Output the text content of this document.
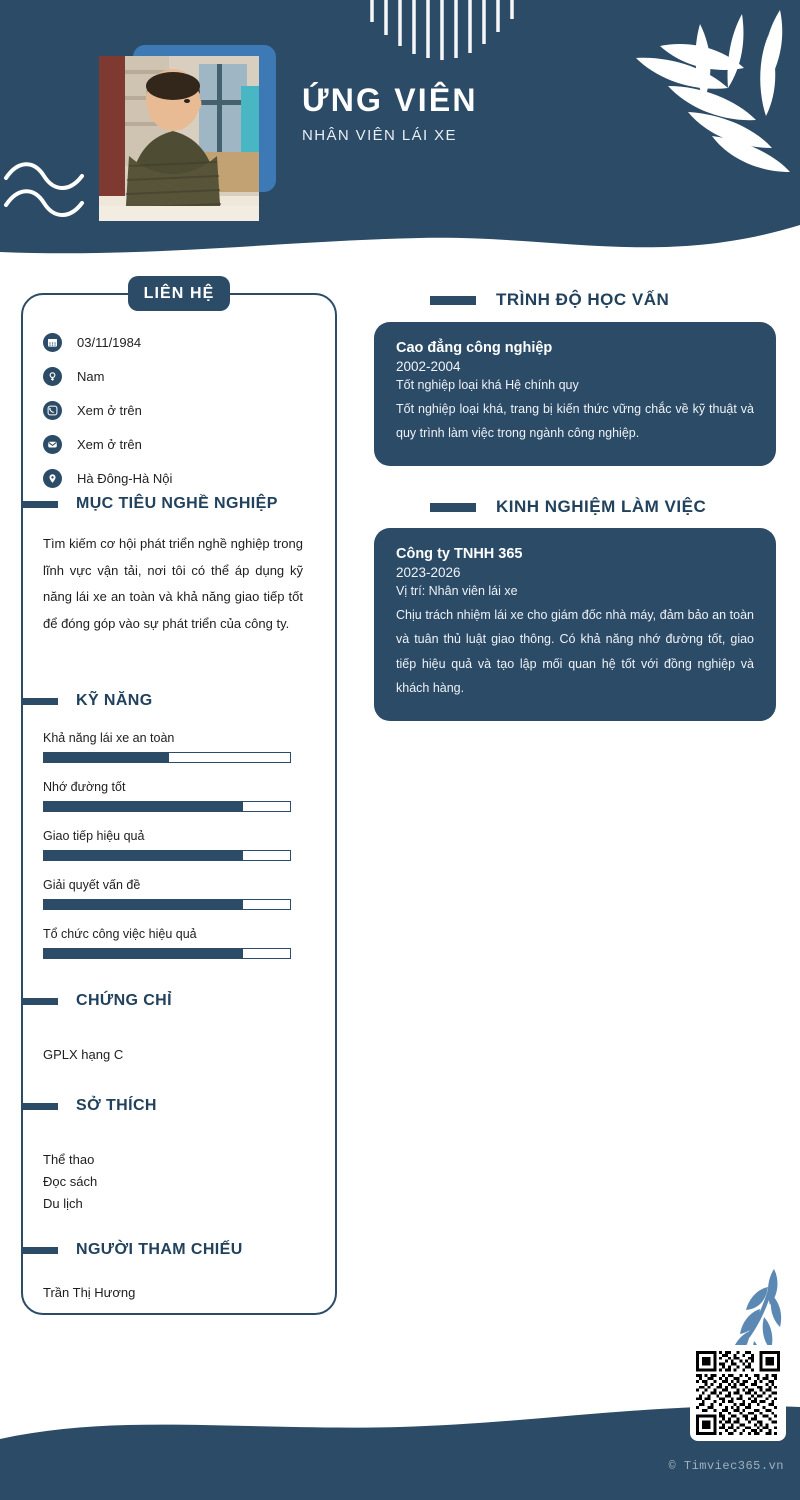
ỨNG VIÊN
NHÂN VIÊN LÁI XE
LIÊN HỆ
03/11/1984
Nam
Xem ở trên
Xem ở trên
Hà Đông-Hà Nội
MỤC TIÊU NGHỀ NGHIỆP
Tìm kiếm cơ hội phát triển nghề nghiệp trong lĩnh vực vận tải, nơi tôi có thể áp dụng kỹ năng lái xe an toàn và khả năng giao tiếp tốt để đóng góp vào sự phát triển của công ty.
KỸ NĂNG
Khả năng lái xe an toàn
Nhớ đường tốt
Giao tiếp hiệu quả
Giải quyết vấn đề
Tổ chức công việc hiệu quả
CHỨNG CHỈ
GPLX hạng C
SỞ THÍCH
Thể thao
Đọc sách
Du lịch
NGƯỜI THAM CHIẾU
Trần Thị Hương
TRÌNH ĐỘ HỌC VẤN
Cao đẳng công nghiệp
2002-2004
Tốt nghiệp loại khá Hệ chính quy
Tốt nghiệp loại khá, trang bị kiến thức vững chắc về kỹ thuật và quy trình làm việc trong ngành công nghiệp.
KINH NGHIỆM LÀM VIỆC
Công ty TNHH 365
2023-2026
Vị trí: Nhân viên lái xe
Chịu trách nhiệm lái xe cho giám đốc nhà máy, đảm bảo an toàn và tuân thủ luật giao thông. Có khả năng nhớ đường tốt, giao tiếp hiệu quả và tạo lập mối quan hệ tốt với đồng nghiệp và khách hàng.
© Timviec365.vn
